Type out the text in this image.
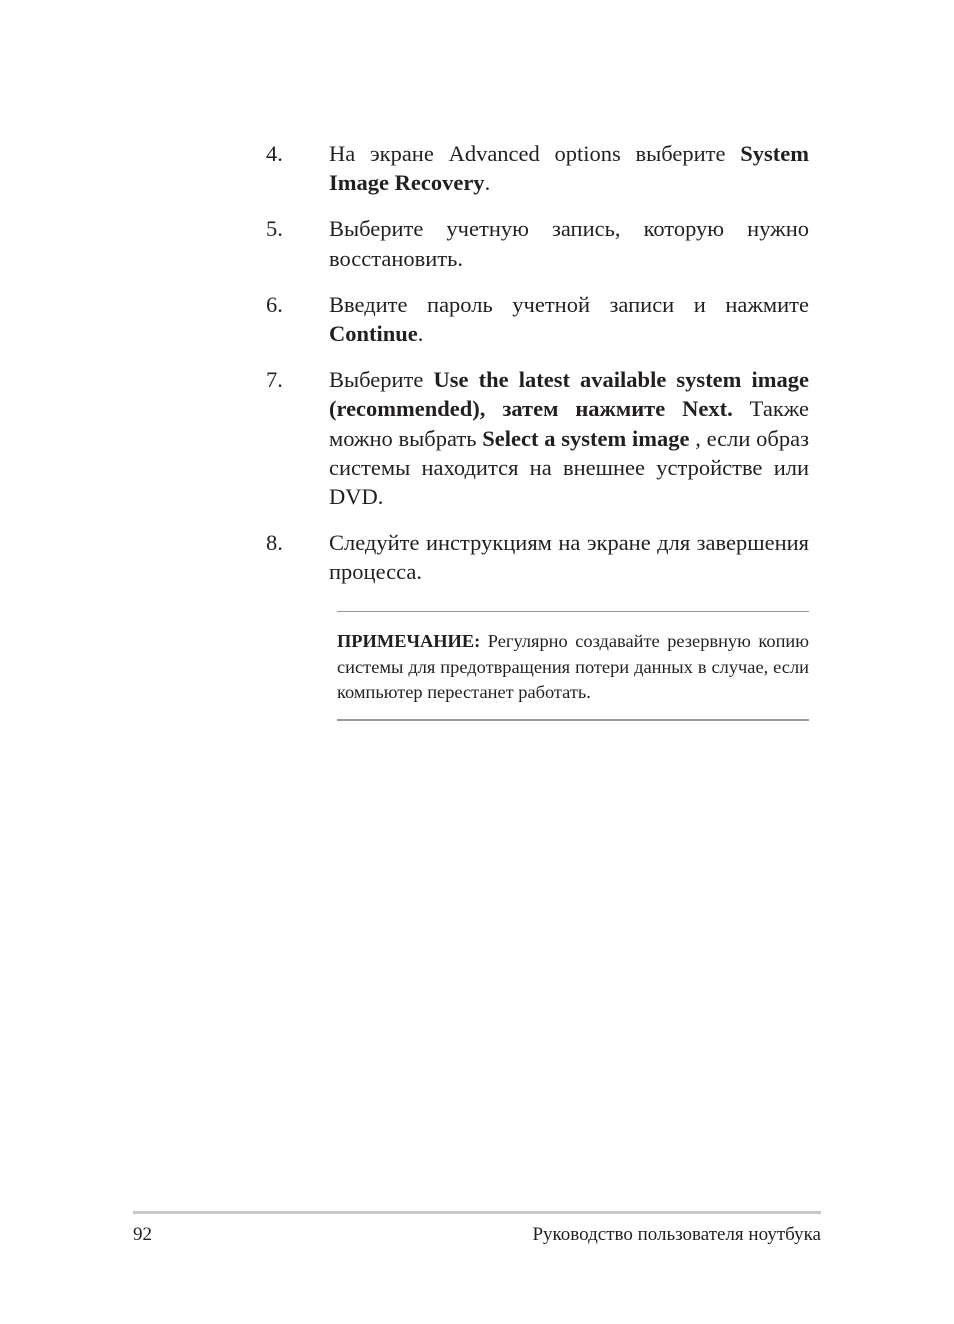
4. На экране Advanced options выберите System Image Recovery.
5. Выберите учетную запись, которую нужно восстановить.
6. Введите пароль учетной записи и нажмите Continue.
7. Выберите Use the latest available system image (recommended), затем нажмите Next. Также можно выбрать Select a system image , если образ системы находится на внешнее устройстве или DVD.
8. Следуйте инструкциям на экране для завершения процесса.

ПРИМЕЧАНИЕ: Регулярно создавайте резервную копию системы для предотвращения потери данных в случае, если компьютер перестанет работать.

92	Руководство пользователя ноутбука
